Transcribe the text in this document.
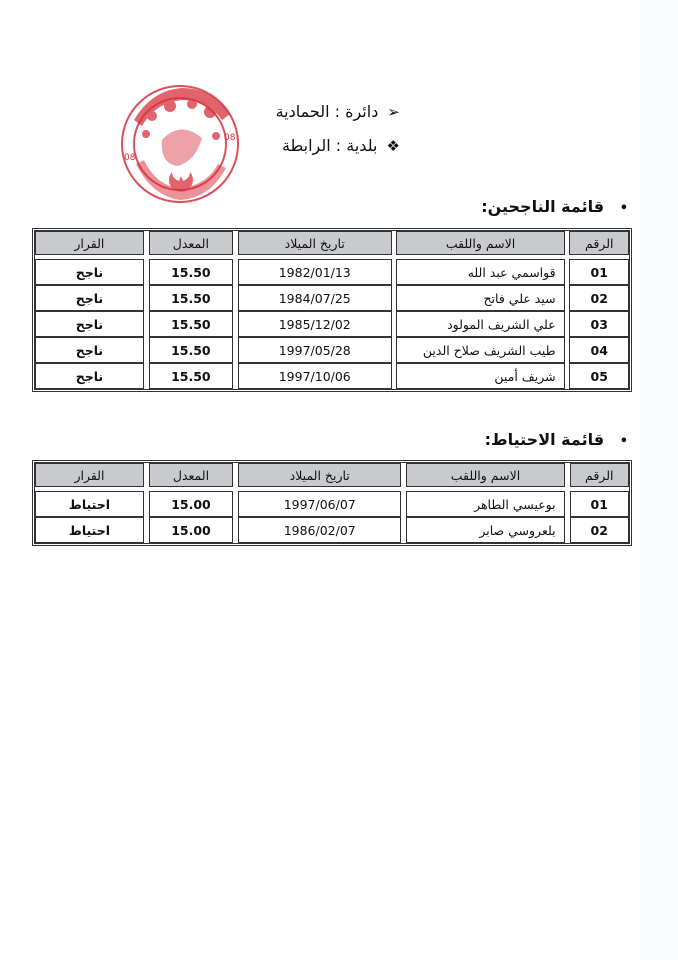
08
08
➢ دائرة : الحمادية
❖ بلدية : الرابطة
• قائمة الناجحين:
الرقم		الاسم واللقب		تاريخ الميلاد		المعدل		القرار

01		قواسمي عبد الله		1982/01/13		15.50		ناجح
02		سيد علي فاتح		1984/07/25		15.50		ناجح
03		علي الشريف المولود		1985/12/02		15.50		ناجح
04		طيب الشريف صلاح الدين		1997/05/28		15.50		ناجح
05		شريف أمين		1997/10/06		15.50		ناجح
• قائمة الاحتياط:
الرقم		الاسم واللقب		تاريخ الميلاد		المعدل		القرار

01		بوعيسي الطاهر		1997/06/07		15.00		احتياط
02		بلعروسي صابر		1986/02/07		15.00		احتياط
